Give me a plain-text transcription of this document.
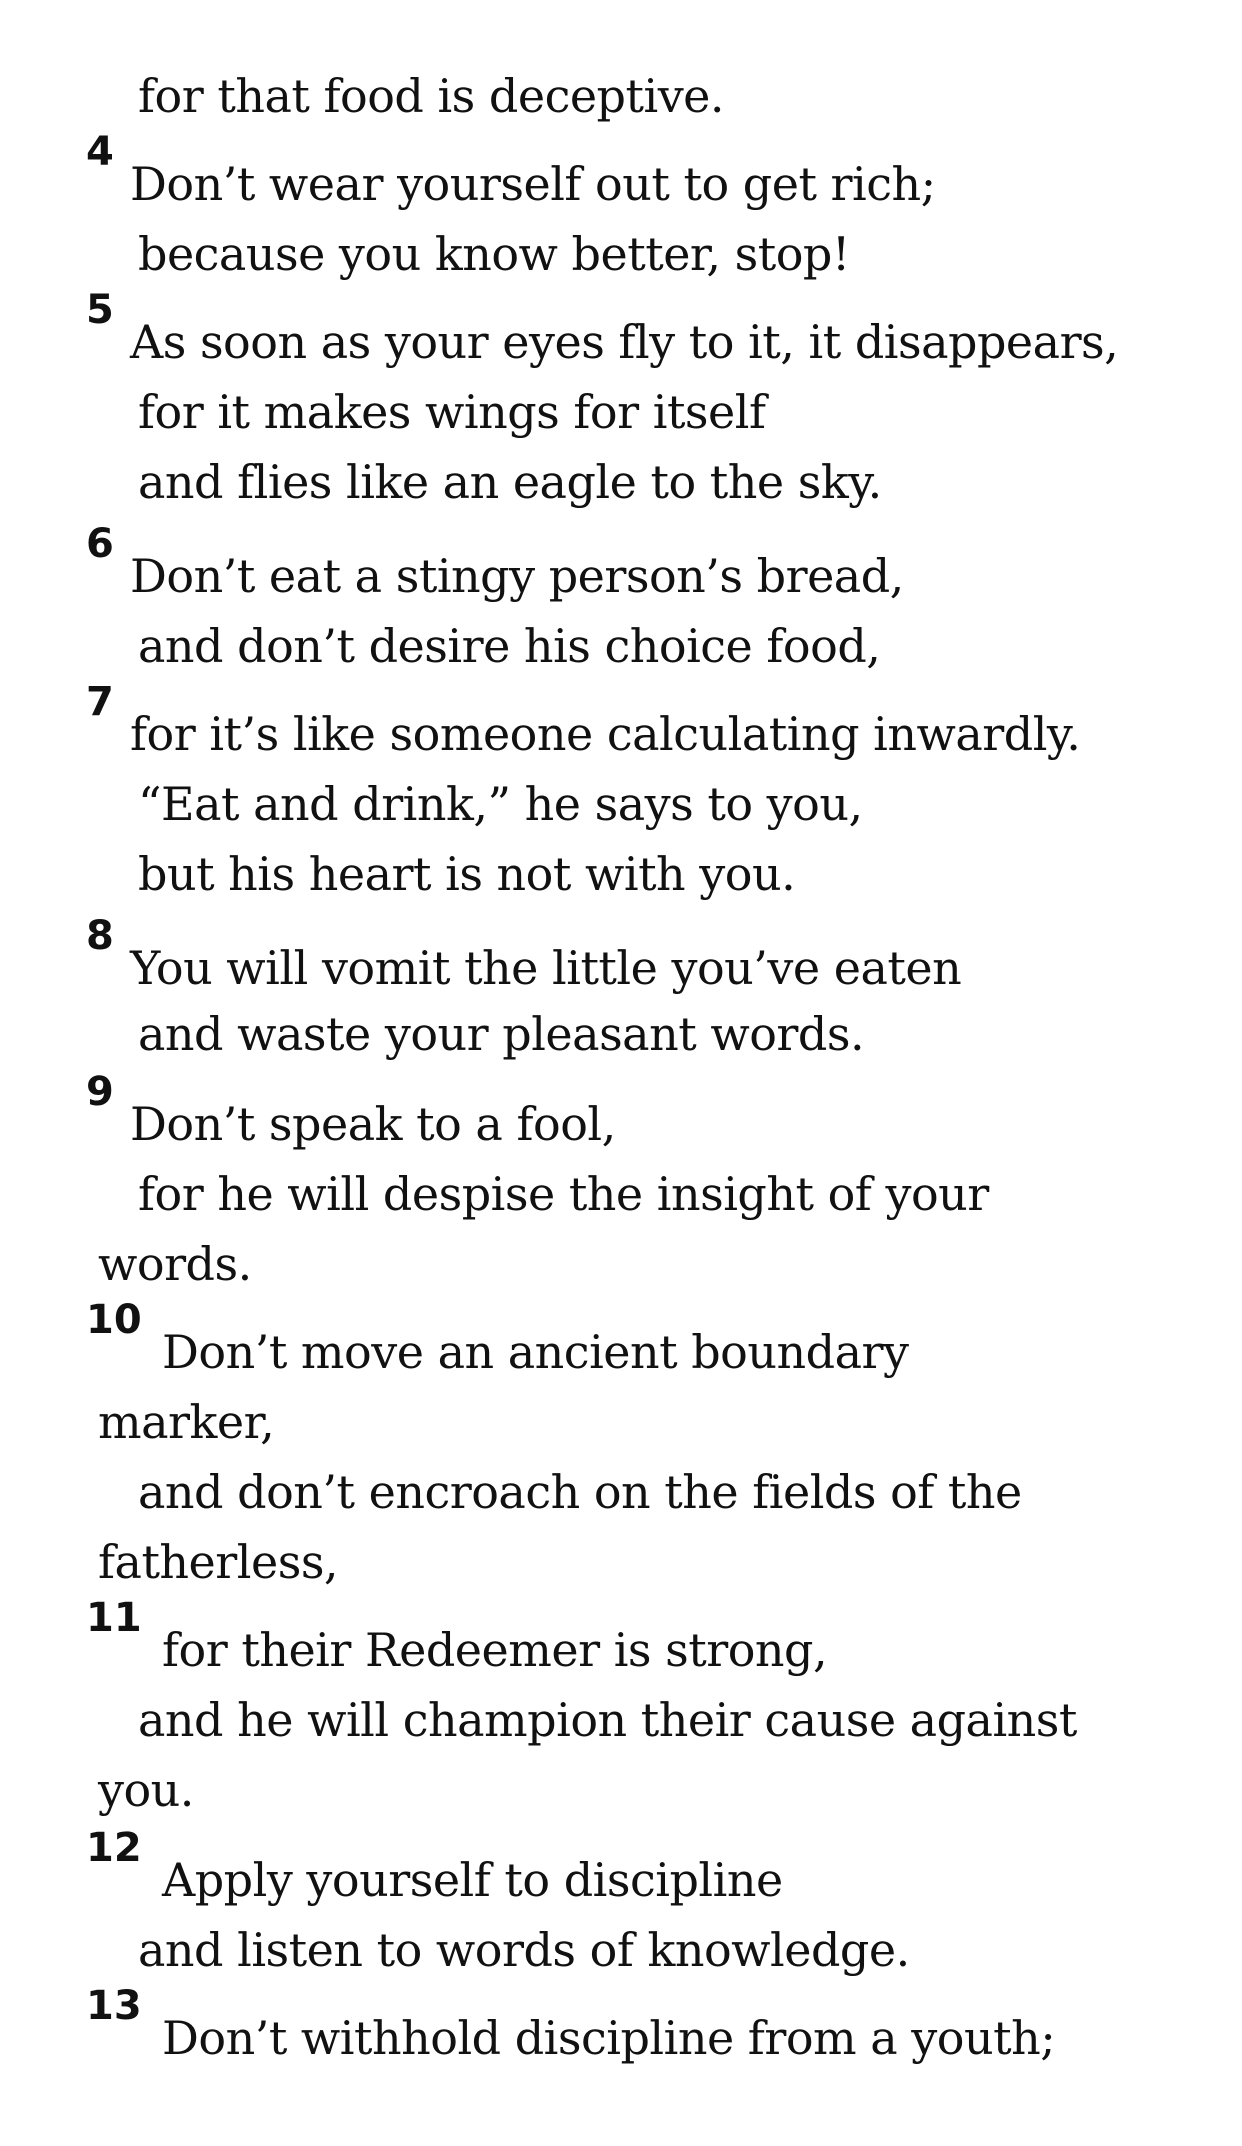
for that food is deceptive.
4
Don’t wear yourself out to get rich;
because you know better, stop!
5
As soon as your eyes fly to it, it disappears,
for it makes wings for itself
and flies like an eagle to the sky.
6
Don’t eat a stingy person’s bread,
and don’t desire his choice food,
7
for it’s like someone calculating inwardly.
“Eat and drink,” he says to you,
but his heart is not with you.
8
You will vomit the little you’ve eaten
and waste your pleasant words.
9
Don’t speak to a fool,
for he will despise the insight of your
words.
10
Don’t move an ancient boundary
marker,
and don’t encroach on the fields of the
fatherless,
11
for their Redeemer is strong,
and he will champion their cause against
you.
12
Apply yourself to discipline
and listen to words of knowledge.
13
Don’t withhold discipline from a youth;
